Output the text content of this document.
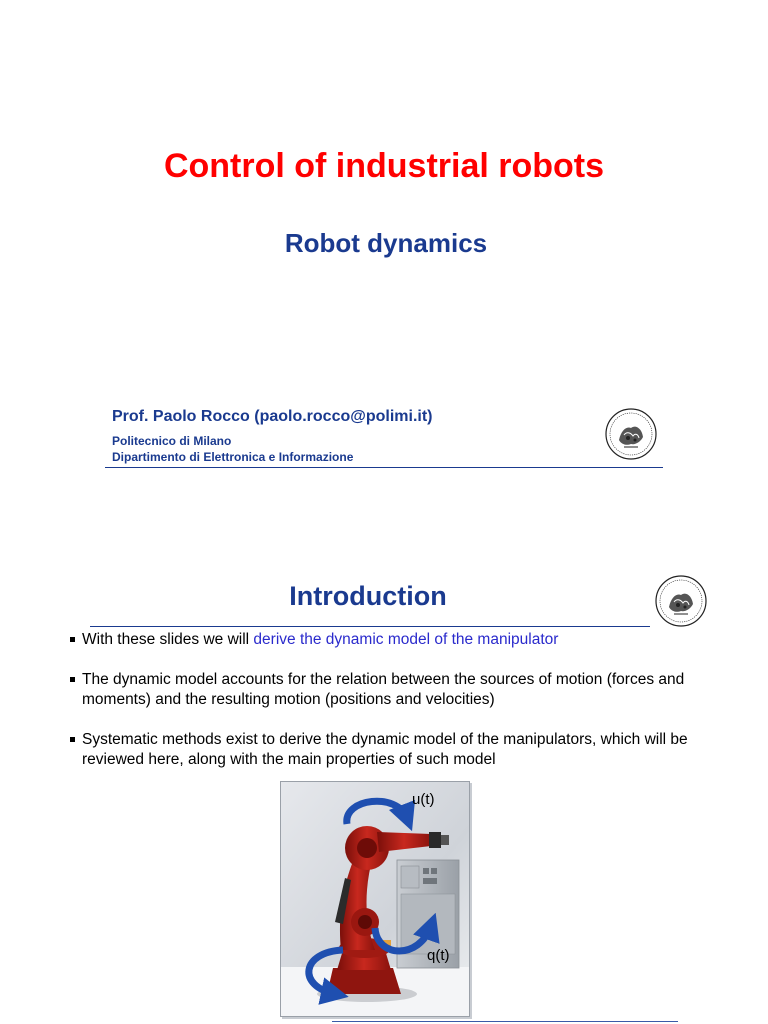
Control of industrial robots
Robot dynamics
Prof. Paolo Rocco (paolo.rocco@polimi.it)
Politecnico di Milano
Dipartimento di Elettronica e Informazione
Introduction
With these slides we will derive the dynamic model of the manipulator
The dynamic model accounts for the relation between the sources of motion (forces and moments) and the resulting motion (positions and velocities)
Systematic methods exist to derive the dynamic model of the manipulators, which will be reviewed here, along with the main properties of such model
u(t)
q(t)
